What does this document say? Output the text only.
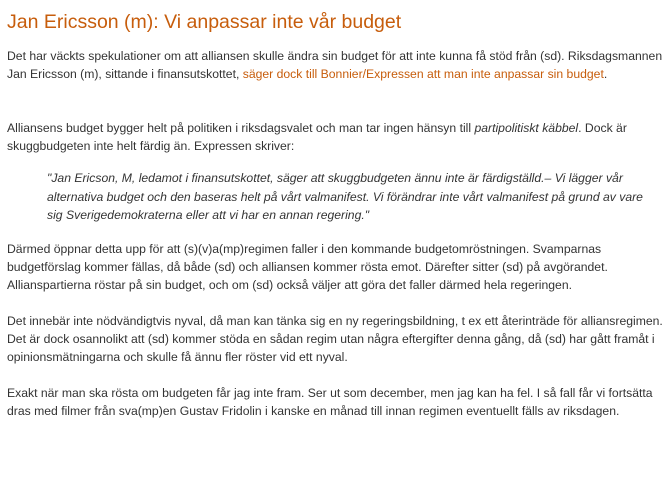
Jan Ericsson (m): Vi anpassar inte vår budget

Det har väckts spekulationer om att alliansen skulle ändra sin budget för att inte kunna få stöd från (sd). Riksdagsmannen Jan Ericsson (m), sittande i finansutskottet, säger dock till Bonnier/Expressen att man inte anpassar sin budget.

Alliansens budget bygger helt på politiken i riksdagsvalet och man tar ingen hänsyn till partipolitiskt käbbel. Dock är skuggbudgeten inte helt färdig än. Expressen skriver:

"Jan Ericson, M, ledamot i finansutskottet, säger att skuggbudgeten ännu inte är färdigställd.– Vi lägger vår alternativa budget och den baseras helt på vårt valmanifest. Vi förändrar inte vårt valmanifest på grund av vare sig Sverigedemokraterna eller att vi har en annan regering."

Därmed öppnar detta upp för att (s)(v)a(mp)regimen faller i den kommande budgetomröstningen. Svamparnas budgetförslag kommer fällas, då både (sd) och alliansen kommer rösta emot. Därefter sitter (sd) på avgörandet. Allianspartierna röstar på sin budget, och om (sd) också väljer att göra det faller därmed hela regeringen.

Det innebär inte nödvändigtvis nyval, då man kan tänka sig en ny regeringsbildning, t ex ett återinträde för alliansregimen. Det är dock osannolikt att (sd) kommer stöda en sådan regim utan några eftergifter denna gång, då (sd) har gått framåt i opinionsmätningarna och skulle få ännu fler röster vid ett nyval.

Exakt när man ska rösta om budgeten får jag inte fram. Ser ut som december, men jag kan ha fel. I så fall får vi fortsätta dras med filmer från sva(mp)en Gustav Fridolin i kanske en månad till innan regimen eventuellt fälls av riksdagen.
